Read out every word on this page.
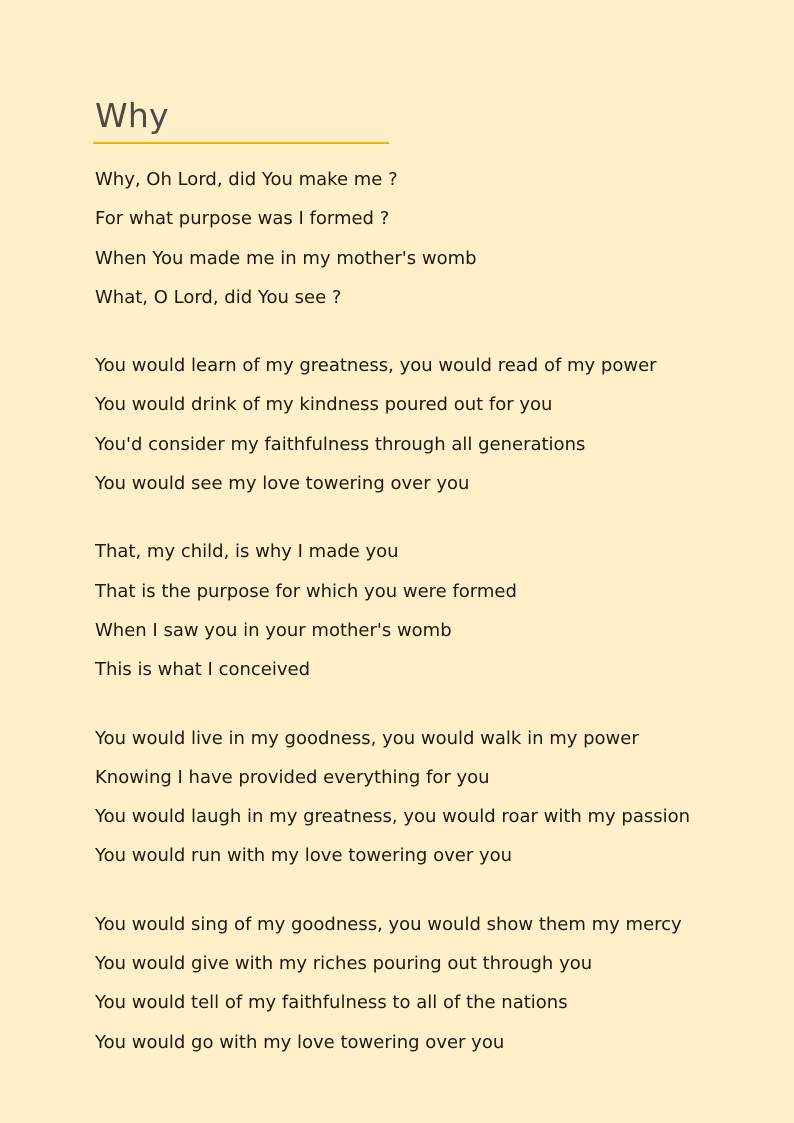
Why
Why, Oh Lord, did You make me ?
For what purpose was I formed ?
When You made me in my mother's womb
What, O Lord, did You see ?
You would learn of my greatness, you would read of my power
You would drink of my kindness poured out for you
You'd consider my faithfulness through all generations
You would see my love towering over you
That, my child, is why I made you
That is the purpose for which you were formed
When I saw you in your mother's womb
This is what I conceived
You would live in my goodness, you would walk in my power
Knowing I have provided everything for you
You would laugh in my greatness, you would roar with my passion
You would run with my love towering over you
You would sing of my goodness, you would show them my mercy
You would give with my riches pouring out through you
You would tell of my faithfulness to all of the nations
You would go with my love towering over you
